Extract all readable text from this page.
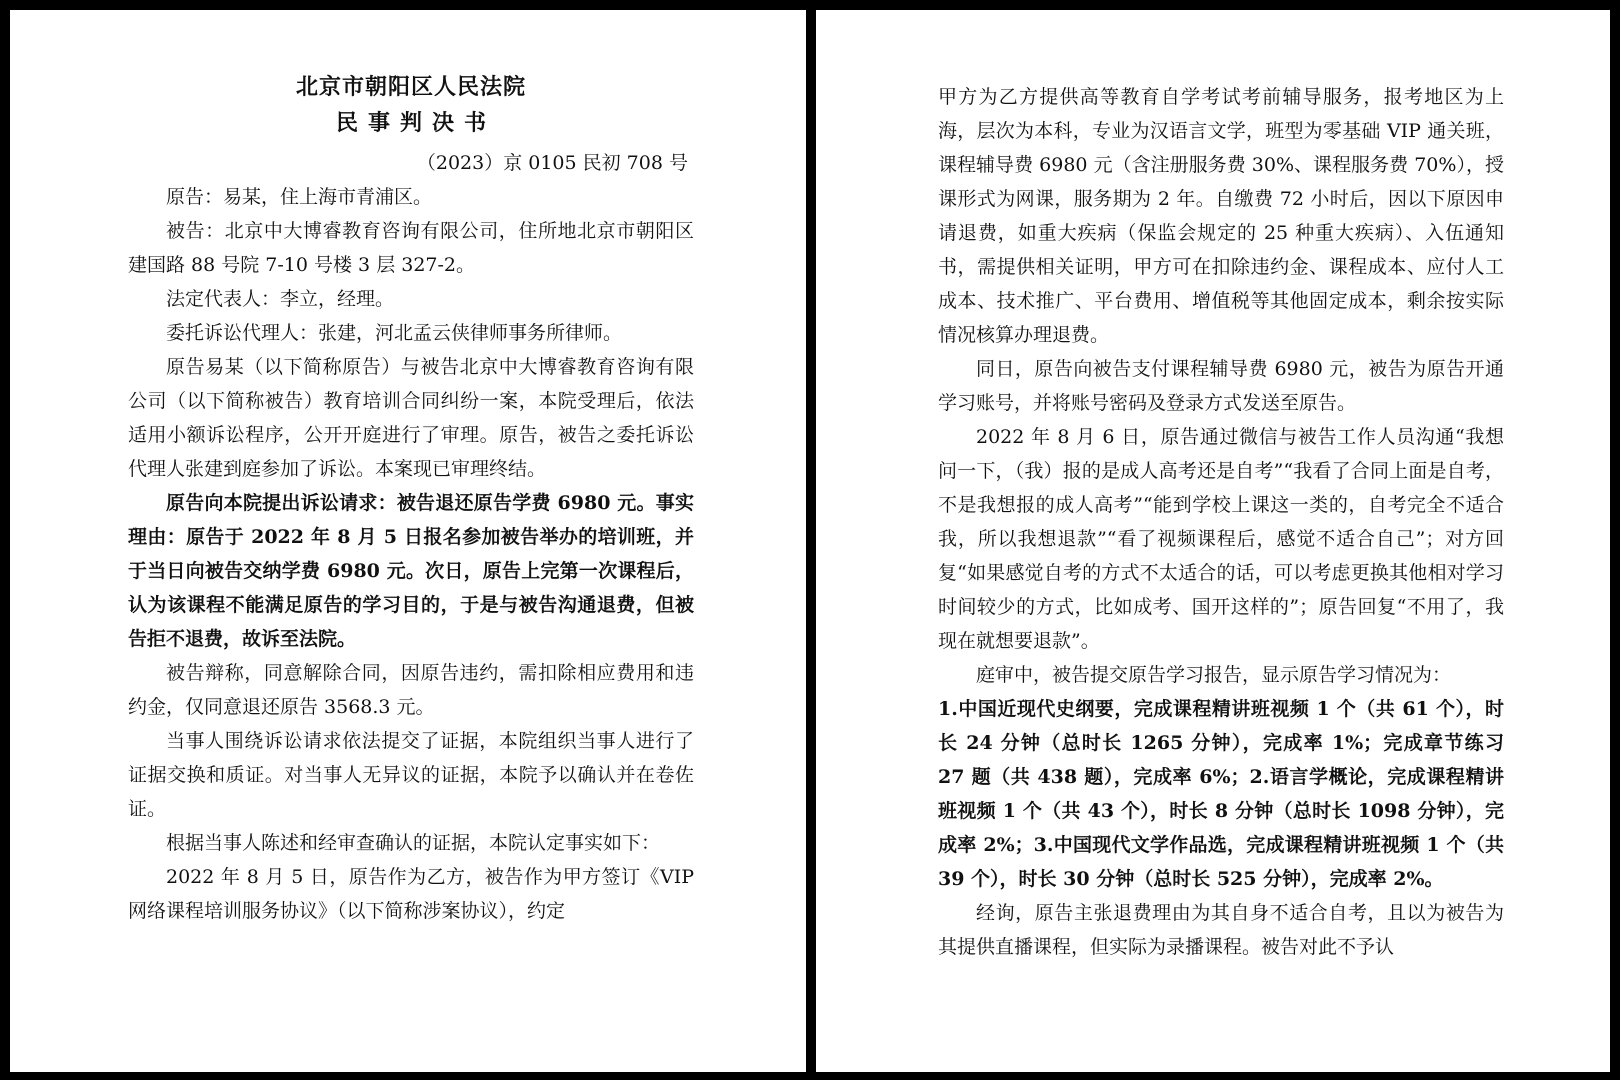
北京市朝阳区人民法院
民事判决书

（2023）京 0105 民初 708 号

原告：易某，住上海市青浦区。

被告：北京中大博睿教育咨询有限公司，住所地北京市朝阳区建国路 88 号院 7-10 号楼 3 层 327-2。

法定代表人：李立，经理。

委托诉讼代理人：张建，河北孟云侠律师事务所律师。

原告易某（以下简称原告）与被告北京中大博睿教育咨询有限公司（以下简称被告）教育培训合同纠纷一案，本院受理后，依法适用小额诉讼程序，公开开庭进行了审理。原告，被告之委托诉讼代理人张建到庭参加了诉讼。本案现已审理终结。

原告向本院提出诉讼请求：被告退还原告学费 6980 元。事实理由：原告于 2022 年 8 月 5 日报名参加被告举办的培训班，并于当日向被告交纳学费 6980 元。次日，原告上完第一次课程后，认为该课程不能满足原告的学习目的，于是与被告沟通退费，但被告拒不退费，故诉至法院。

被告辩称，同意解除合同，因原告违约，需扣除相应费用和违约金，仅同意退还原告 3568.3 元。

当事人围绕诉讼请求依法提交了证据，本院组织当事人进行了证据交换和质证。对当事人无异议的证据，本院予以确认并在卷佐证。

根据当事人陈述和经审查确认的证据，本院认定事实如下：

2022 年 8 月 5 日，原告作为乙方，被告作为甲方签订《VIP 网络课程培训服务协议》（以下简称涉案协议），约定

甲方为乙方提供高等教育自学考试考前辅导服务，报考地区为上海，层次为本科，专业为汉语言文学，班型为零基础 VIP 通关班，课程辅导费 6980 元（含注册服务费 30%、课程服务费 70%），授课形式为网课，服务期为 2 年。自缴费 72 小时后，因以下原因申请退费，如重大疾病（保监会规定的 25 种重大疾病）、入伍通知书，需提供相关证明，甲方可在扣除违约金、课程成本、应付人工成本、技术推广、平台费用、增值税等其他固定成本，剩余按实际情况核算办理退费。

同日，原告向被告支付课程辅导费 6980 元，被告为原告开通学习账号，并将账号密码及登录方式发送至原告。

2022 年 8 月 6 日，原告通过微信与被告工作人员沟通“我想问一下，（我）报的是成人高考还是自考”“我看了合同上面是自考，不是我想报的成人高考”“能到学校上课这一类的，自考完全不适合我，所以我想退款”“看了视频课程后，感觉不适合自己”；对方回复“如果感觉自考的方式不太适合的话，可以考虑更换其他相对学习时间较少的方式，比如成考、国开这样的”；原告回复“不用了，我现在就想要退款”。

庭审中，被告提交原告学习报告，显示原告学习情况为：

1.中国近现代史纲要，完成课程精讲班视频 1 个（共 61 个），时长 24 分钟（总时长 1265 分钟），完成率 1%；完成章节练习 27 题（共 438 题），完成率 6%；2.语言学概论，完成课程精讲班视频 1 个（共 43 个），时长 8 分钟（总时长 1098 分钟），完成率 2%；3.中国现代文学作品选，完成课程精讲班视频 1 个（共 39 个），时长 30 分钟（总时长 525 分钟），完成率 2%。

经询，原告主张退费理由为其自身不适合自考，且以为被告为其提供直播课程，但实际为录播课程。被告对此不予认
